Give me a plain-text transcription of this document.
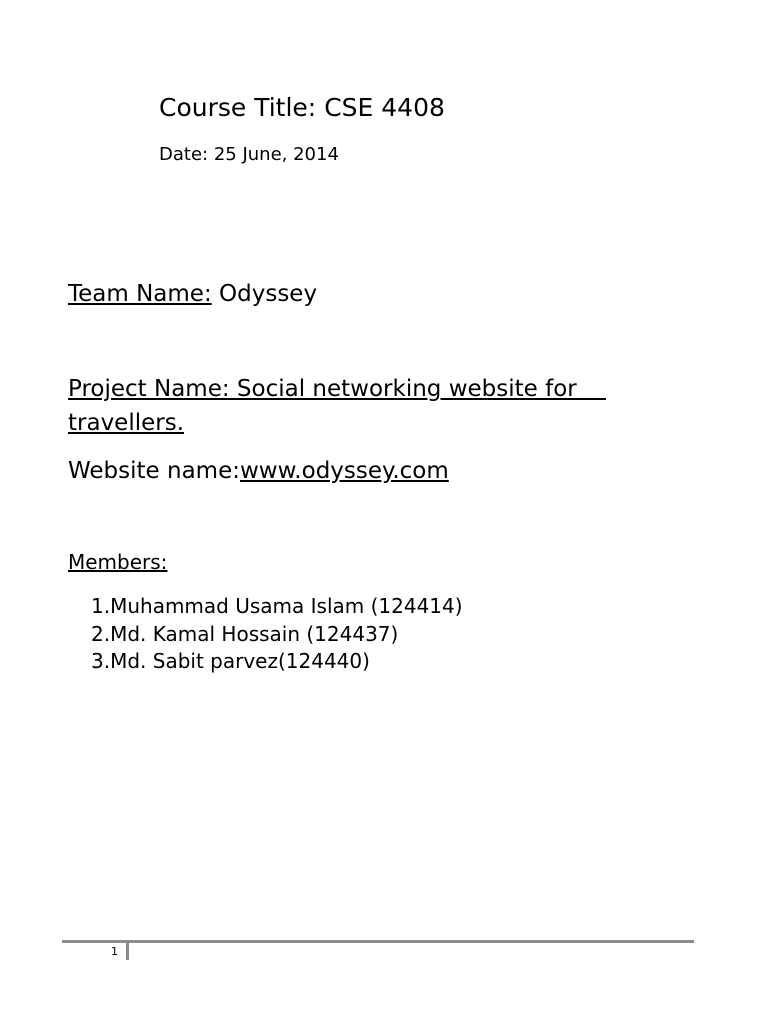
Course Title: CSE 4408
Date: 25 June, 2014
Team Name: Odyssey
Project Name: Social networking website for
travellers.
Website name:www.odyssey.com
Members:
1.Muhammad Usama Islam (124414)
2.Md. Kamal Hossain (124437)
3.Md. Sabit parvez(124440)
1
